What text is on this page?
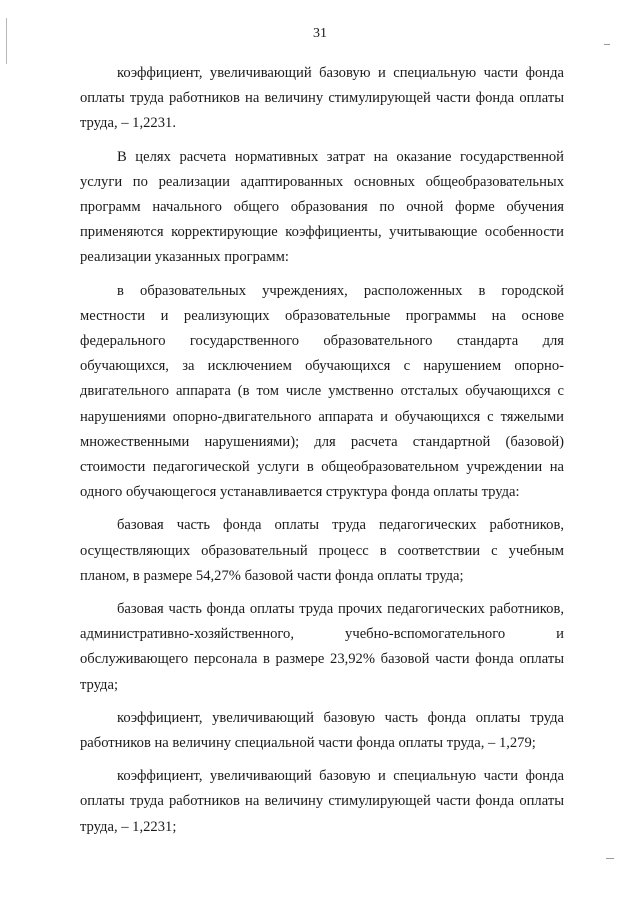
31

коэффициент, увеличивающий базовую и специальную части фонда оплаты труда работников на величину стимулирующей части фонда оплаты труда, – 1,2231.

В целях расчета нормативных затрат на оказание государственной услуги по реализации адаптированных основных общеобразовательных программ начального общего образования по очной форме обучения применяются корректирующие коэффициенты, учитывающие особенности реализации указанных программ:

в образовательных учреждениях, расположенных в городской местности и реализующих образовательные программы на основе федерального государственного образовательного стандарта для обучающихся, за исключением обучающихся с нарушением опорно-двигательного аппарата (в том числе умственно отсталых обучающихся с нарушениями опорно-двигательного аппарата и обучающихся с тяжелыми множественными нарушениями); для расчета стандартной (базовой) стоимости педагогической услуги в общеобразовательном учреждении на одного обучающегося устанавливается структура фонда оплаты труда:

базовая часть фонда оплаты труда педагогических работников, осуществляющих образовательный процесс в соответствии с учебным планом, в размере 54,27% базовой части фонда оплаты труда;

базовая часть фонда оплаты труда прочих педагогических работников, административно-хозяйственного, учебно-вспомогательного и обслуживающего персонала в размере 23,92% базовой части фонда оплаты труда;

коэффициент, увеличивающий базовую часть фонда оплаты труда работников на величину специальной части фонда оплаты труда, – 1,279;

коэффициент, увеличивающий базовую и специальную части фонда оплаты труда работников на величину стимулирующей части фонда оплаты труда, – 1,2231;
